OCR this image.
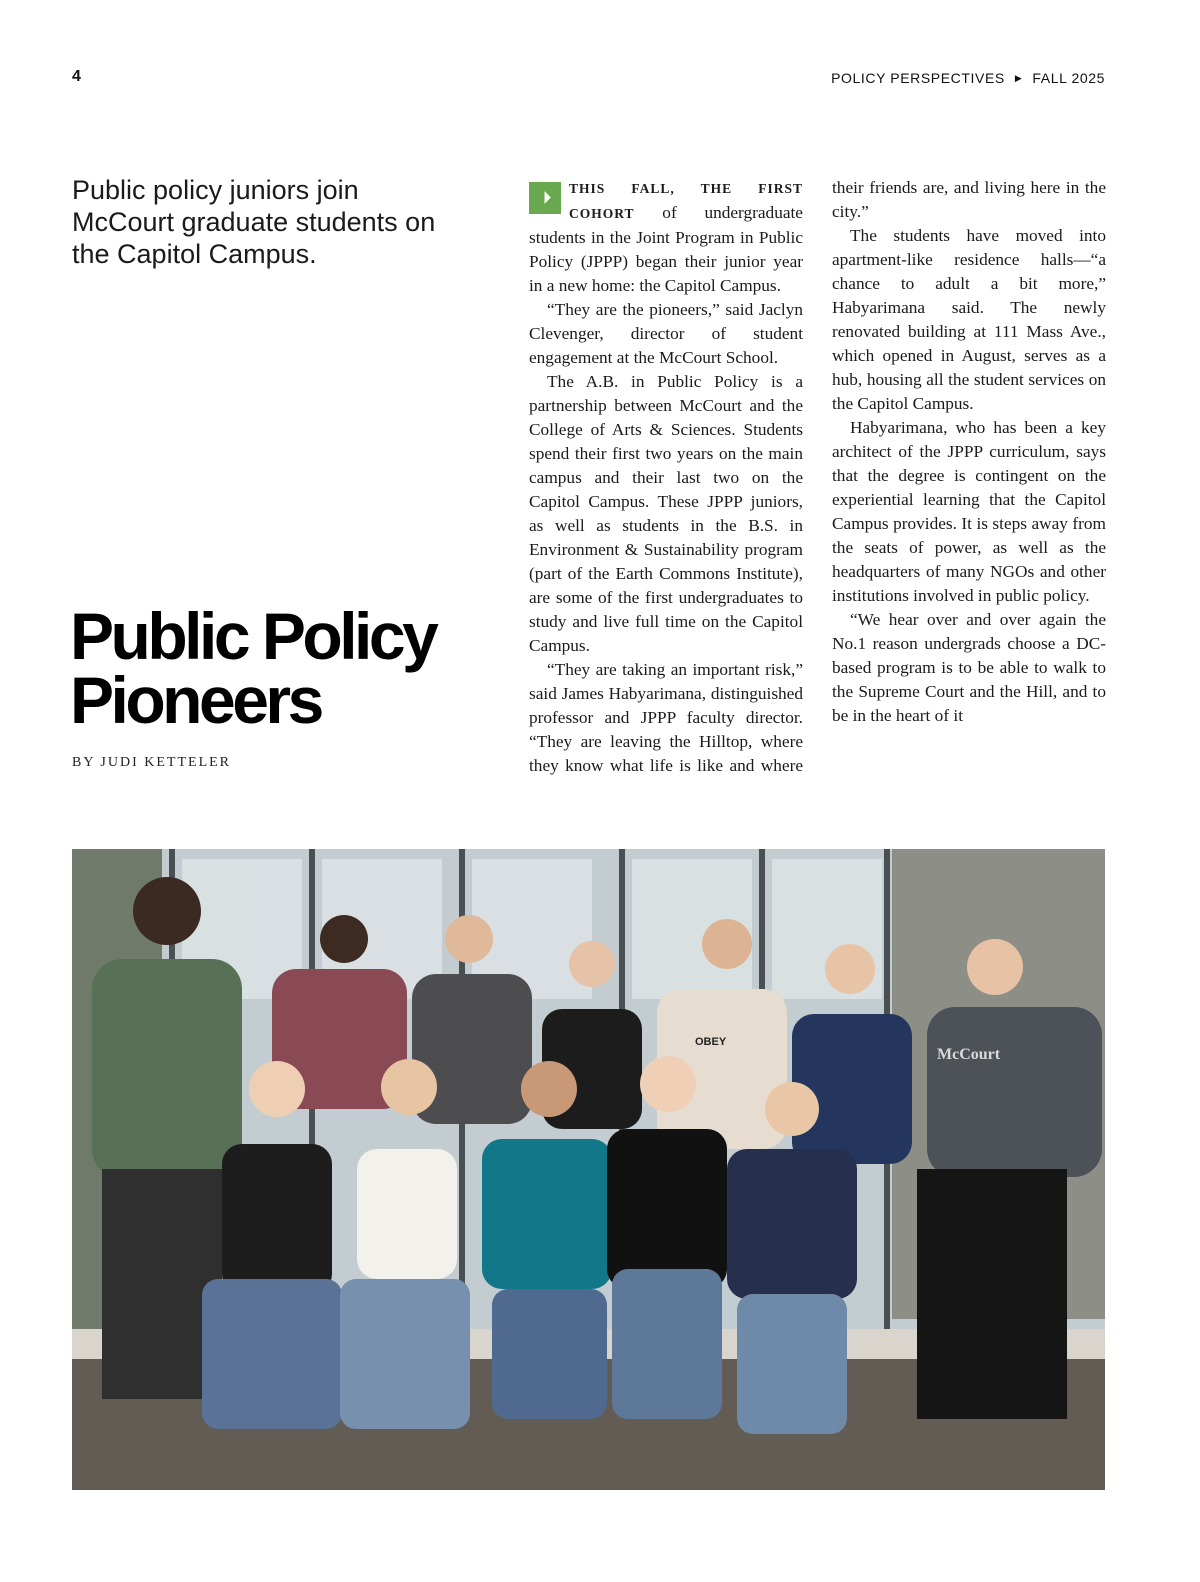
4	POLICY PERSPECTIVES ▶ FALL 2025
Public policy juniors join McCourt graduate students on the Capitol Campus.
Public Policy
Pioneers
BY JUDI KETTELER

THIS FALL, THE FIRST COHORT of undergraduate students in the Joint Program in Public Policy (JPPP) began their junior year in a new home: the Capitol Campus.

“They are the pioneers,” said Jaclyn Clevenger, director of student engagement at the McCourt School.

The A.B. in Public Policy is a partnership between McCourt and the College of Arts & Sciences. Students spend their first two years on the main campus and their last two on the Capitol Campus. These JPPP juniors, as well as students in the B.S. in Environment & Sustainability program (part of the Earth Commons Institute), are some of the first undergraduates to study and live full time on the Capitol Campus.

“They are taking an important risk,” said James Habyarimana, distinguished professor and JPPP faculty director. “They are leaving the Hilltop, where they know what life is like and where their friends are, and living here in the city.”

The students have moved into apartment-like residence halls—“a chance to adult a bit more,” Habyarimana said. The newly renovated building at 111 Mass Ave., which opened in August, serves as a hub, housing all the student services on the Capitol Campus.

Habyarimana, who has been a key architect of the JPPP curriculum, says that the degree is contingent on the experiential learning that the Capitol Campus provides. It is steps away from the seats of power, as well as the headquarters of many NGOs and other institutions involved in public policy.

“We hear over and over again the No.1 reason undergrads choose a DC-based program is to be able to walk to the Supreme Court and the Hill, and to be in the heart of it

OBEY
McCourt
